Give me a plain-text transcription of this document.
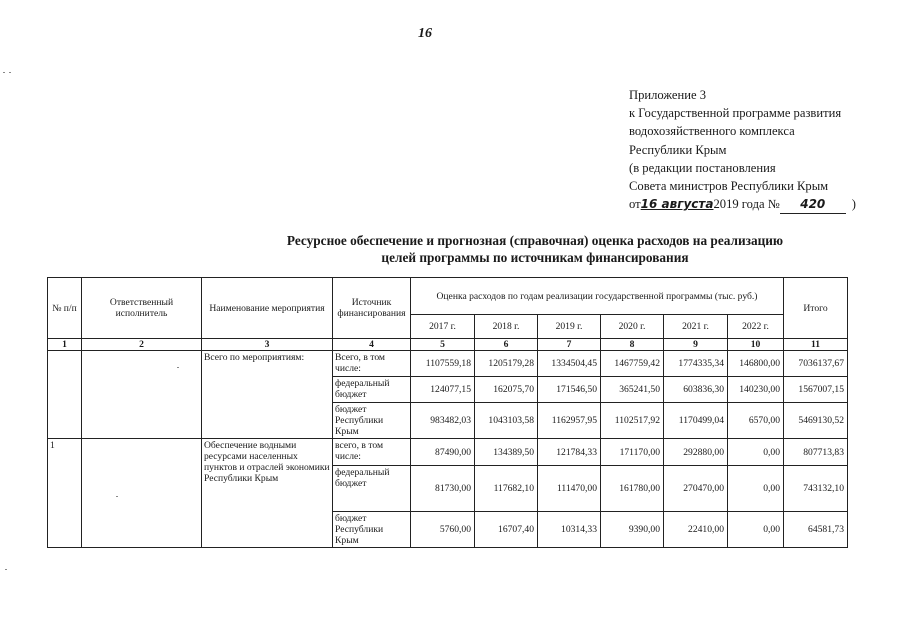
16
Приложение 3
к Государственной программе развития
водохозяйственного комплекса
Республики Крым
(в редакции постановления
Совета министров Республики Крым
от16 августа2019 года № 420 )
Ресурсное обеспечение и прогнозная (справочная) оценка расходов на реализацию
целей программы по источникам финансирования
№ п/п	Ответственный исполнитель	Наименование мероприятия	Источник финансирования	Оценка расходов по годам реализации государственной программы (тыс. руб.)						Итого
				2017 г.	2018 г.	2019 г.	2020 г.	2021 г.	2022 г.	
1	2	3	4	5	6	7	8	9	10	11
		Всего по мероприятиям:	Всего, в том числе:	1107559,18	1205179,28	1334504,45	1467759,42	1774335,34	146800,00	7036137,67
			федеральный бюджет	124077,15	162075,70	171546,50	365241,50	603836,30	140230,00	1567007,15
			бюджет Республики Крым	983482,03	1043103,58	1162957,95	1102517,92	1170499,04	6570,00	5469130,52
1		Обеспечение водными ресурсами населенных пунктов и отраслей экономики Республики Крым	всего, в том числе:	87490,00	134389,50	121784,33	171170,00	292880,00	0,00	807713,83
			федеральный бюджет	81730,00	117682,10	111470,00	161780,00	270470,00	0,00	743132,10
			бюджет Республики Крым	5760,00	16707,40	10314,33	9390,00	22410,00	0,00	64581,73
